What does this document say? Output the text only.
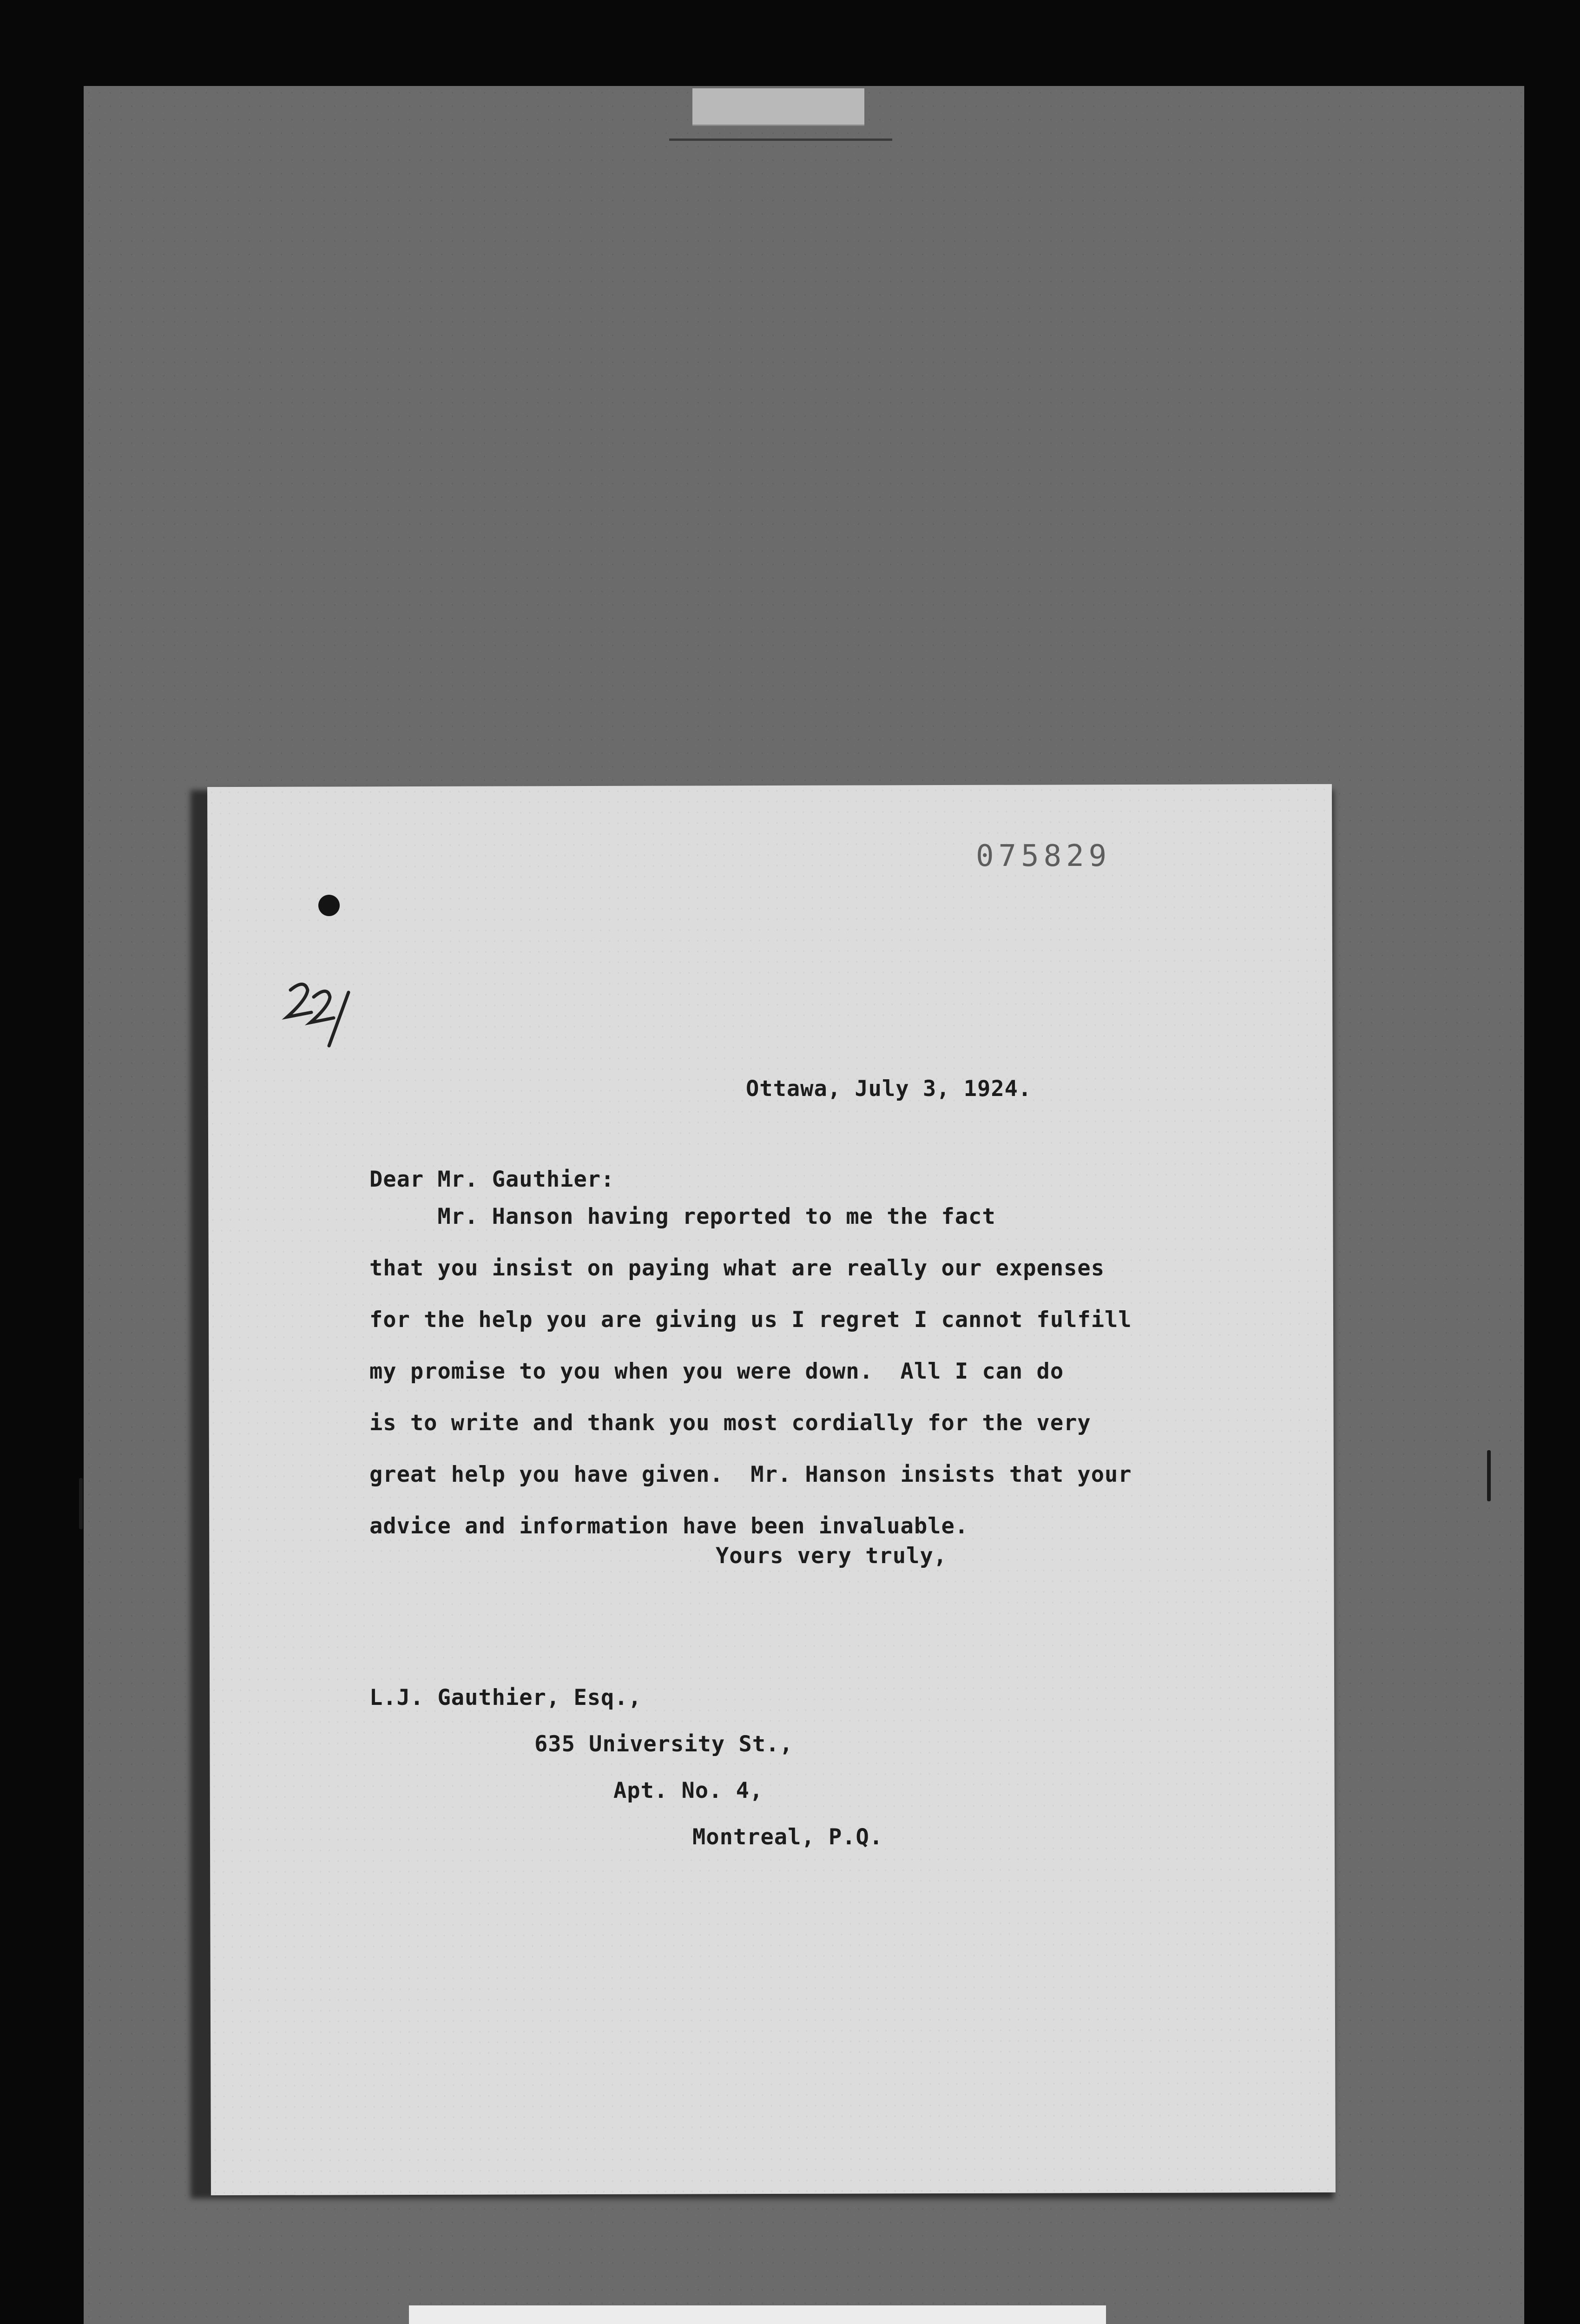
075829
Ottawa, July 3, 1924.
Dear Mr. Gauthier:
Mr. Hanson having reported to me the fact
that you insist on paying what are really our expenses
for the help you are giving us I regret I cannot fulfill
my promise to you when you were down.  All I can do
is to write and thank you most cordially for the very
great help you have given.  Mr. Hanson insists that your
advice and information have been invaluable.
Yours very truly,
L.J. Gauthier, Esq.,
635 University St.,
Apt. No. 4,
Montreal, P.Q.
